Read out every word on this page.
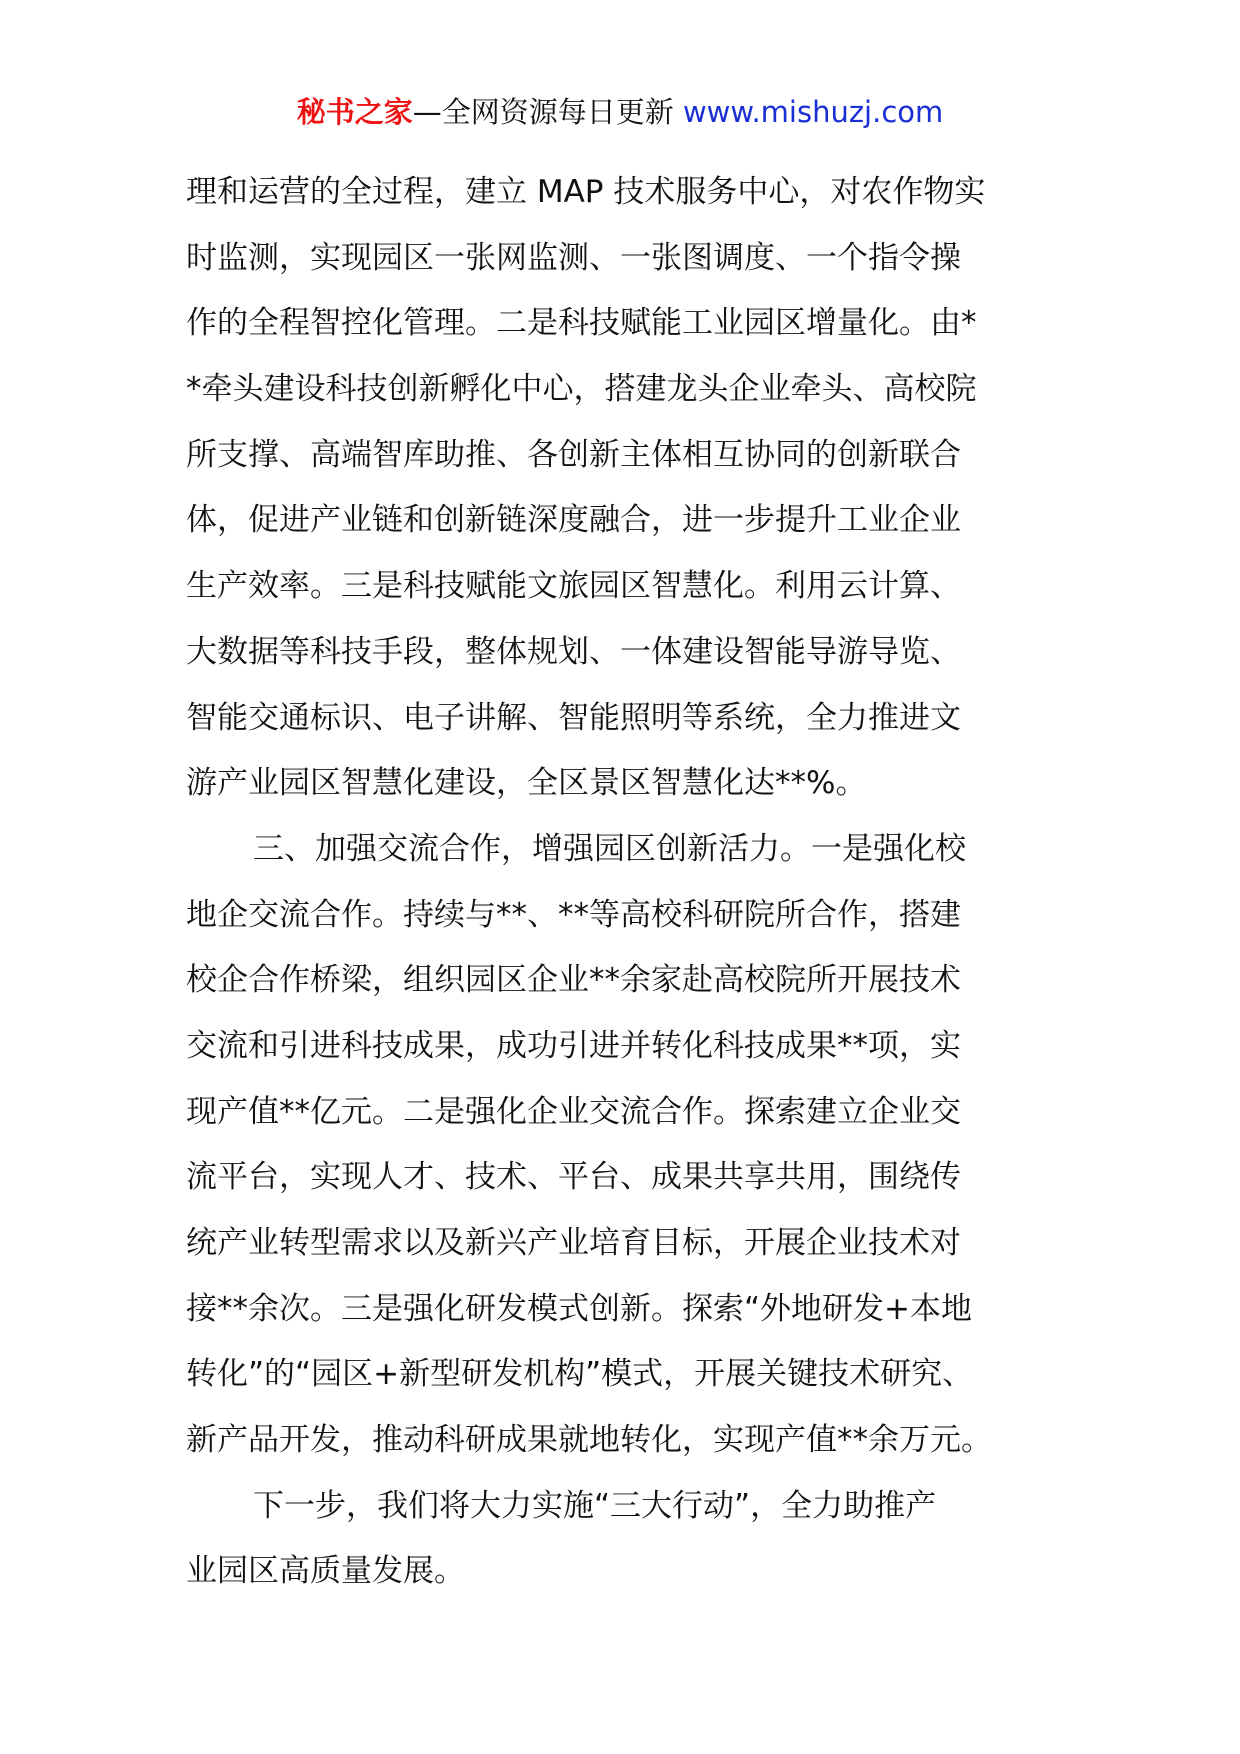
秘书之家—全网资源每日更新 www.mishuzj.com
理和运营的全过程，建立 MAP 技术服务中心，对农作物实
时监测，实现园区一张网监测、一张图调度、一个指令操
作的全程智控化管理。二是科技赋能工业园区增量化。由*
*牵头建设科技创新孵化中心，搭建龙头企业牵头、高校院
所支撑、高端智库助推、各创新主体相互协同的创新联合
体，促进产业链和创新链深度融合，进一步提升工业企业
生产效率。三是科技赋能文旅园区智慧化。利用云计算、
大数据等科技手段，整体规划、一体建设智能导游导览、
智能交通标识、电子讲解、智能照明等系统，全力推进文
游产业园区智慧化建设，全区景区智慧化达**%。
三、加强交流合作，增强园区创新活力。一是强化校
地企交流合作。持续与**、**等高校科研院所合作，搭建
校企合作桥梁，组织园区企业**余家赴高校院所开展技术
交流和引进科技成果，成功引进并转化科技成果**项，实
现产值**亿元。二是强化企业交流合作。探索建立企业交
流平台，实现人才、技术、平台、成果共享共用，围绕传
统产业转型需求以及新兴产业培育目标，开展企业技术对
接**余次。三是强化研发模式创新。探索“外地研发+本地
转化”的“园区+新型研发机构”模式，开展关键技术研究、
新产品开发，推动科研成果就地转化，实现产值**余万元。
下一步，我们将大力实施“三大行动”，全力助推产
业园区高质量发展。
